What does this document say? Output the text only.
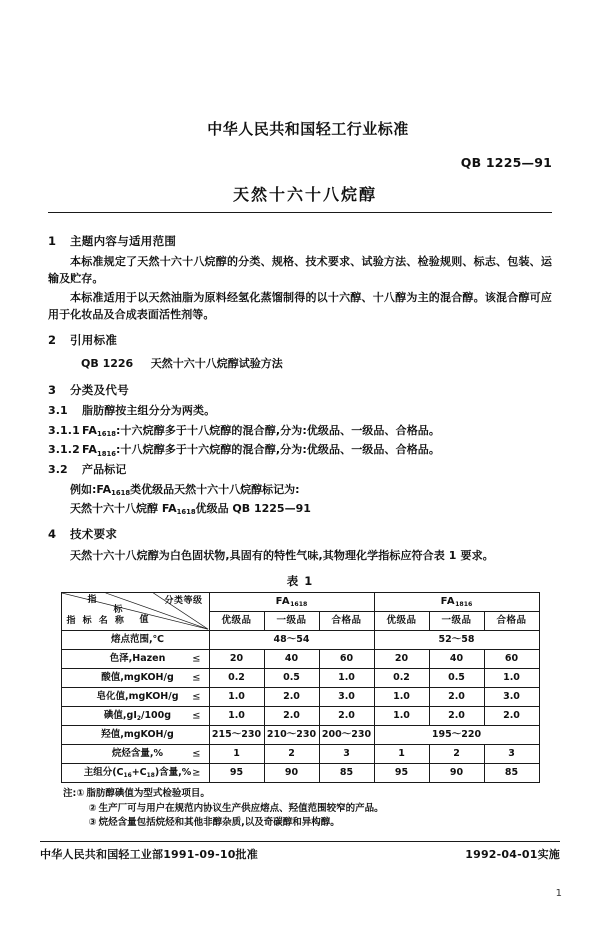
中华人民共和国轻工行业标准
QB 1225—91
天然十六十八烷醇
1 主题内容与适用范围
本标准规定了天然十六十八烷醇的分类、规格、技术要求、试验方法、检验规则、标志、包装、运输及贮存。
本标准适用于以天然油脂为原料经氢化蒸馏制得的以十六醇、十八醇为主的混合醇。该混合醇可应用于化妆品及合成表面活性剂等。
2 引用标准
QB 1226 天然十六十八烷醇试验方法
3 分类及代号
3.1 脂肪醇按主组分分为两类。
3.1.1 $FA_{1618}$:十六烷醇多于十八烷醇的混合醇,分为:优级品、一级品、合格品。
3.1.2 $FA_{1816}$:十八烷醇多于十六烷醇的混合醇,分为:优级品、一级品、合格品。
3.2 产品标记
例如$:FA_{1618}$类优级品天然十六十八烷醇标记为:
天然十六十八烷醇 $FA_{1618}$优级品 QB 1225—91
4 技术要求
天然十六十八烷醇为白色固状物,具固有的特性气味,其物理化学指标应符合表 1 要求。
表 1
分类等级
指
标
值
指 标 名 称	$FA_{1618}$			$FA_{1816}$
	优级品	一级品	合格品	优级品	一级品	合格品
熔点范围,℃	48～54			52～58		
色泽,Hazen ≤	20	40	60	20	40	60
酸值,mgKOH/g ≤	0.2	0.5	1.0	0.2	0.5	1.0
皂化值,mgKOH/g ≤	1.0	2.0	3.0	1.0	2.0	3.0
碘值$,gI_2/100g$ ≤	1.0	2.0	2.0	1.0	2.0	2.0
羟值,mgKOH/g	215～230	210～230	200～230	195～220		
烷烃含量,% ≤	1	2	3	1	2	3
主组分$(C_{16}+C_{18})$含量,% ≥	95	90	85	95	90	85
注:① 脂肪醇碘值为型式检验项目。
② 生产厂可与用户在规范内协议生产供应熔点、羟值范围较窄的产品。
③ 烷烃含量包括烷烃和其他非醇杂质,以及奇碳醇和异构醇。
中华人民共和国轻工业部1991-09-10批准	1992-04-01实施
1
